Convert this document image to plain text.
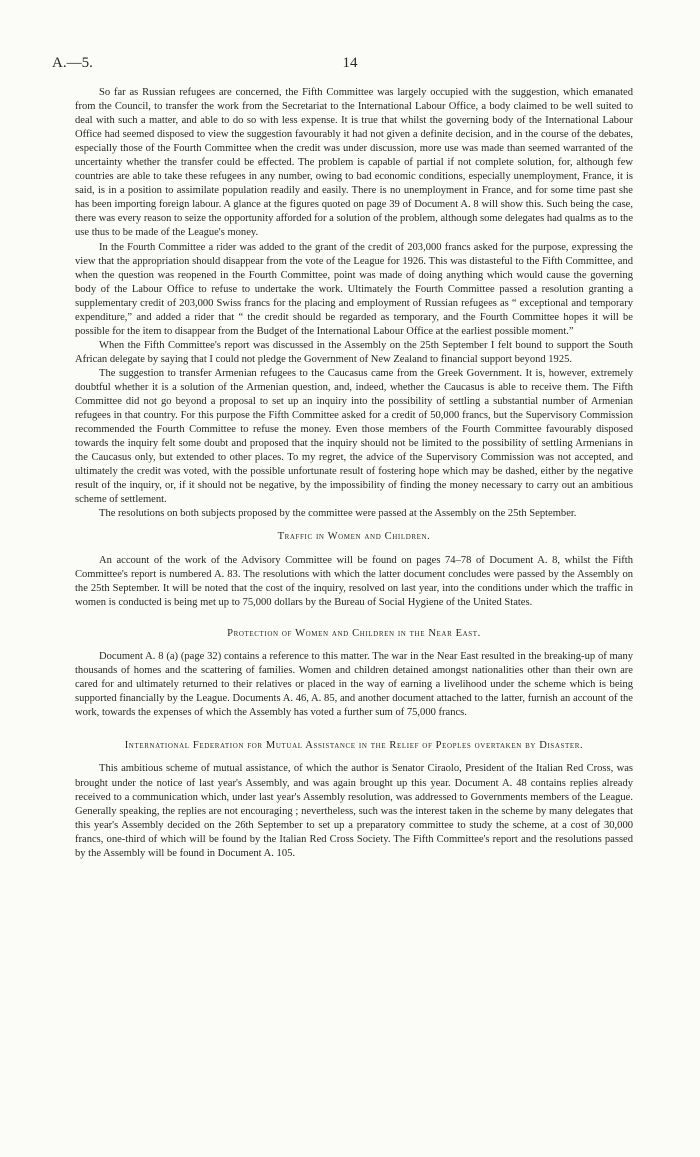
A.—5.	14

So far as Russian refugees are concerned, the Fifth Committee was largely occupied with the suggestion, which emanated from the Council, to transfer the work from the Secretariat to the International Labour Office, a body claimed to be well suited to deal with such a matter, and able to do so with less expense. It is true that whilst the governing body of the International Labour Office had seemed disposed to view the suggestion favourably it had not given a definite decision, and in the course of the debates, especially those of the Fourth Committee when the credit was under discussion, more use was made than seemed warranted of the uncertainty whether the transfer could be effected. The problem is capable of partial if not complete solution, for, although few countries are able to take these refugees in any number, owing to bad economic conditions, especially unemployment, France, it is said, is in a position to assimilate population readily and easily. There is no unemployment in France, and for some time past she has been importing foreign labour. A glance at the figures quoted on page 39 of Document A. 8 will show this. Such being the case, there was every reason to seize the opportunity afforded for a solution of the problem, although some delegates had qualms as to the use thus to be made of the League's money.

In the Fourth Committee a rider was added to the grant of the credit of 203,000 francs asked for the purpose, expressing the view that the appropriation should disappear from the vote of the League for 1926. This was distasteful to the Fifth Committee, and when the question was reopened in the Fourth Committee, point was made of doing anything which would cause the governing body of the Labour Office to refuse to undertake the work. Ultimately the Fourth Committee passed a resolution granting a supplementary credit of 203,000 Swiss francs for the placing and employment of Russian refugees as “ exceptional and temporary expenditure,” and added a rider that “ the credit should be regarded as temporary, and the Fourth Committee hopes it will be possible for the item to disappear from the Budget of the International Labour Office at the earliest possible moment.”

When the Fifth Committee's report was discussed in the Assembly on the 25th September I felt bound to support the South African delegate by saying that I could not pledge the Government of New Zealand to financial support beyond 1925.

The suggestion to transfer Armenian refugees to the Caucasus came from the Greek Government. It is, however, extremely doubtful whether it is a solution of the Armenian question, and, indeed, whether the Caucasus is able to receive them. The Fifth Committee did not go beyond a proposal to set up an inquiry into the possibility of settling a substantial number of Armenian refugees in that country. For this purpose the Fifth Committee asked for a credit of 50,000 francs, but the Supervisory Commission recommended the Fourth Committee to refuse the money. Even those members of the Fourth Committee favourably disposed towards the inquiry felt some doubt and proposed that the inquiry should not be limited to the possibility of settling Armenians in the Caucasus only, but extended to other places. To my regret, the advice of the Supervisory Commission was not accepted, and ultimately the credit was voted, with the possible unfortunate result of fostering hope which may be dashed, either by the negative result of the inquiry, or, if it should not be negative, by the impossibility of finding the money necessary to carry out an ambitious scheme of settlement.

The resolutions on both subjects proposed by the committee were passed at the Assembly on the 25th September.

Traffic in Women and Children.

An account of the work of the Advisory Committee will be found on pages 74–78 of Document A. 8, whilst the Fifth Committee's report is numbered A. 83. The resolutions with which the latter document concludes were passed by the Assembly on the 25th September. It will be noted that the cost of the inquiry, resolved on last year, into the conditions under which the traffic in women is conducted is being met up to 75,000 dollars by the Bureau of Social Hygiene of the United States.

Protection of Women and Children in the Near East.

Document A. 8 (a) (page 32) contains a reference to this matter. The war in the Near East resulted in the breaking-up of many thousands of homes and the scattering of families. Women and children detained amongst nationalities other than their own are cared for and ultimately returned to their relatives or placed in the way of earning a livelihood under the scheme which is being supported financially by the League. Documents A. 46, A. 85, and another document attached to the latter, furnish an account of the work, towards the expenses of which the Assembly has voted a further sum of 75,000 francs.

International Federation for Mutual Assistance in the Relief of Peoples overtaken by Disaster.

This ambitious scheme of mutual assistance, of which the author is Senator Ciraolo, President of the Italian Red Cross, was brought under the notice of last year's Assembly, and was again brought up this year. Document A. 48 contains replies already received to a communication which, under last year's Assembly resolution, was addressed to Governments members of the League. Generally speaking, the replies are not encouraging ; nevertheless, such was the interest taken in the scheme by many delegates that this year's Assembly decided on the 26th September to set up a preparatory committee to study the scheme, at a cost of 30,000 francs, one-third of which will be found by the Italian Red Cross Society. The Fifth Committee's report and the resolutions passed by the Assembly will be found in Document A. 105.
